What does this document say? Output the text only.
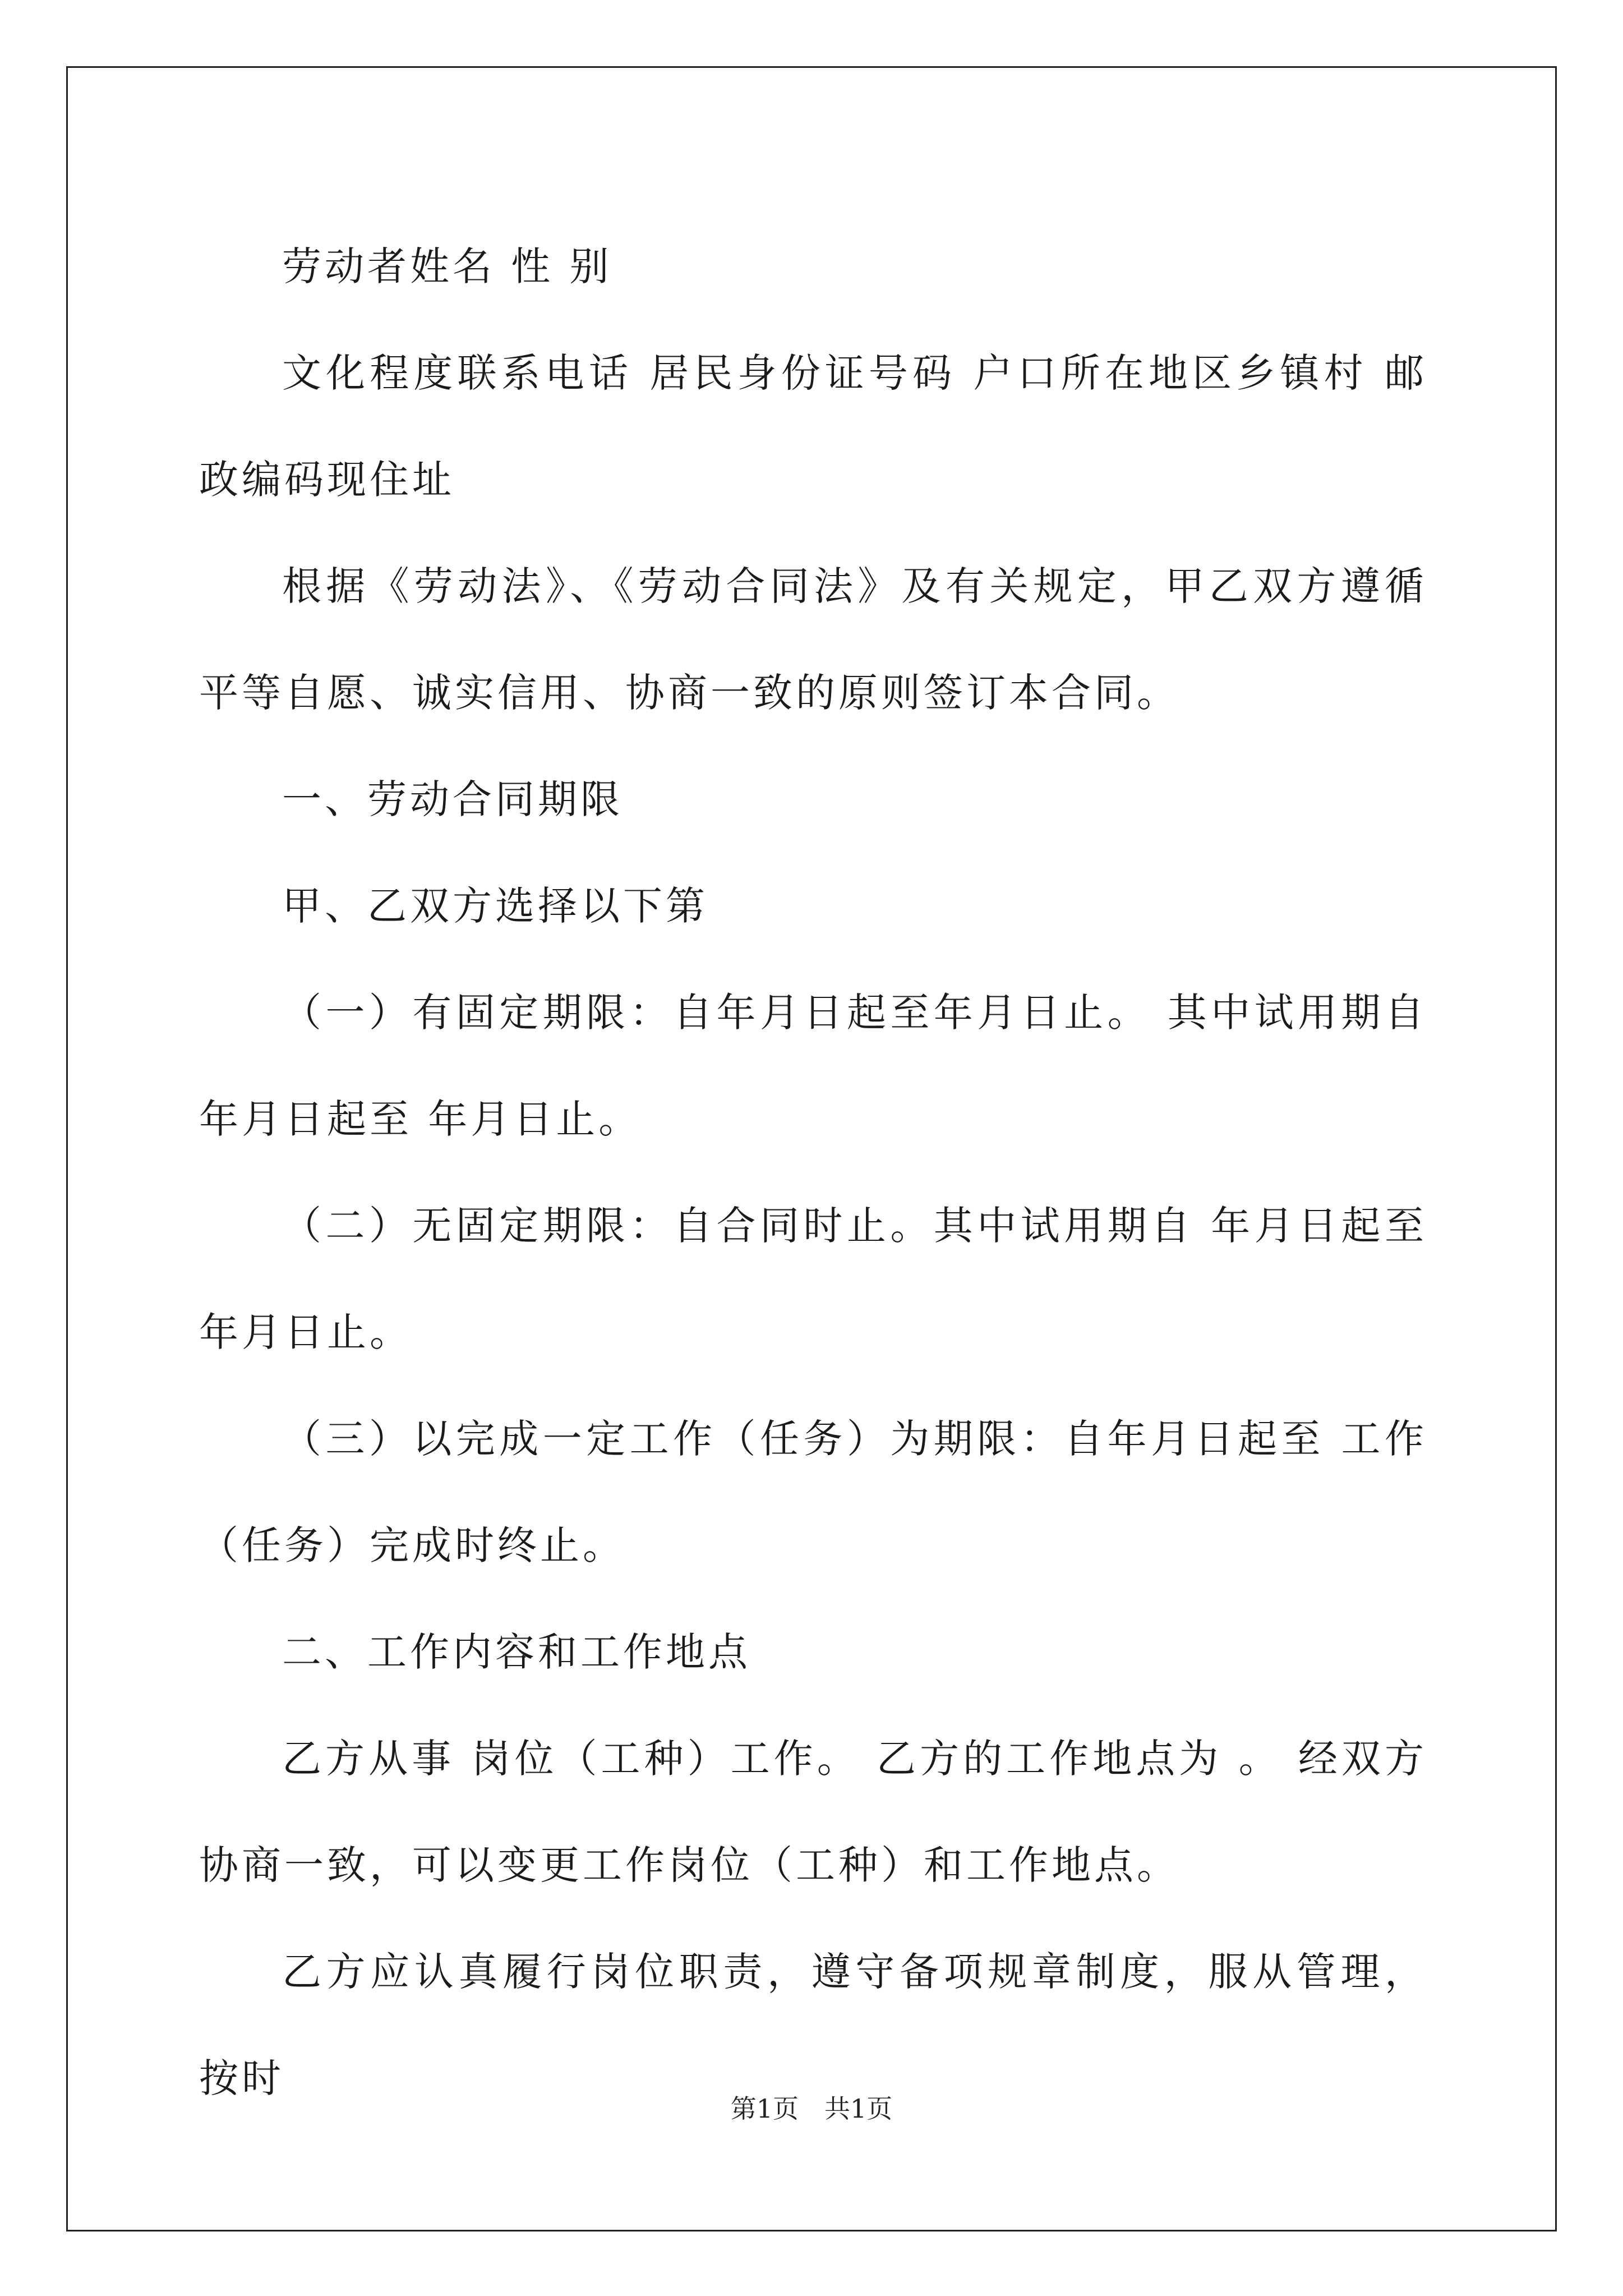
劳动者姓名 性 别

文化程度联系电话 居民身份证号码 户口所在地区乡镇村 邮政编码现住址

根据《劳动法》、《劳动合同法》及有关规定，甲乙双方遵循平等自愿、诚实信用、协商一致的原则签订本合同。

一、劳动合同期限

甲、乙双方选择以下第

（一）有固定期限：自年月日起至年月日止。 其中试用期自 年月日起至 年月日止。

（二）无固定期限：自合同时止。其中试用期自 年月日起至 年月日止。

（三）以完成一定工作（任务）为期限：自年月日起至 工作（任务）完成时终止。

二、工作内容和工作地点

乙方从事 岗位（工种）工作。 乙方的工作地点为 。 经双方协商一致，可以变更工作岗位（工种）和工作地点。

乙方应认真履行岗位职责，遵守备项规章制度，服从管理，按时

第1页　共1页
